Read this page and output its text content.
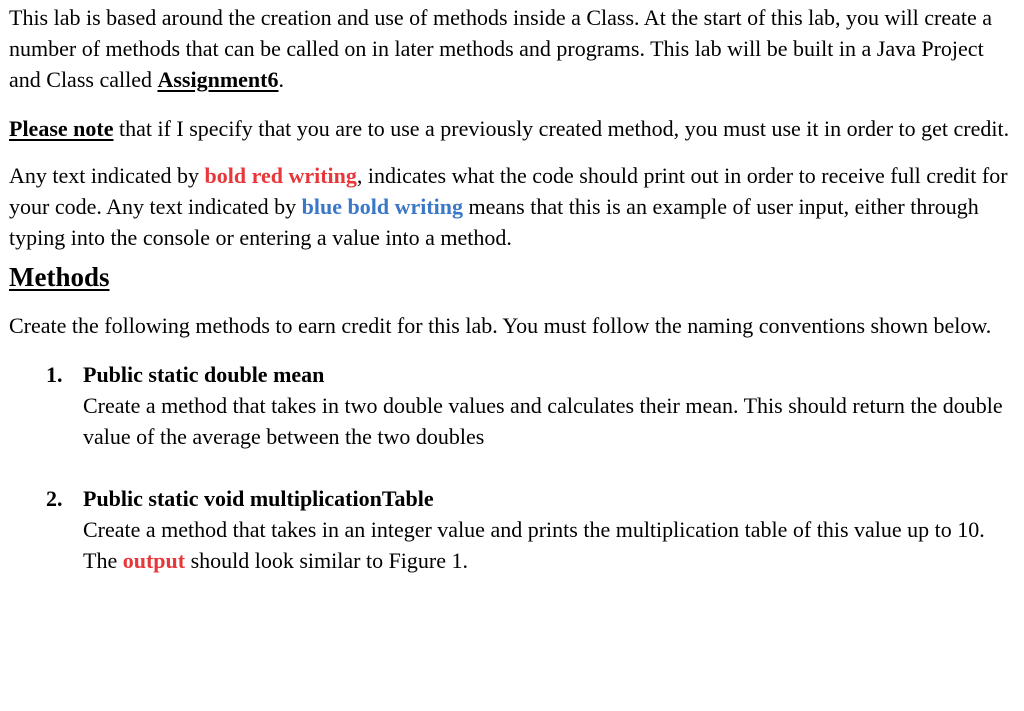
This lab is based around the creation and use of methods inside a Class. At the start of this lab, you will create a number of methods that can be called on in later methods and programs. This lab will be built in a Java Project and Class called Assignment6.

Please note that if I specify that you are to use a previously created method, you must use it in order to get credit.

Any text indicated by bold red writing, indicates what the code should print out in order to receive full credit for your code. Any text indicated by blue bold writing means that this is an example of user input, either through typing into the console or entering a value into a method.

Methods

Create the following methods to earn credit for this lab. You must follow the naming conventions shown below.

1. Public static double mean
Create a method that takes in two double values and calculates their mean. This should return the double value of the average between the two doubles
2. Public static void multiplicationTable
Create a method that takes in an integer value and prints the multiplication table of this value up to 10. The output should look similar to Figure 1.
